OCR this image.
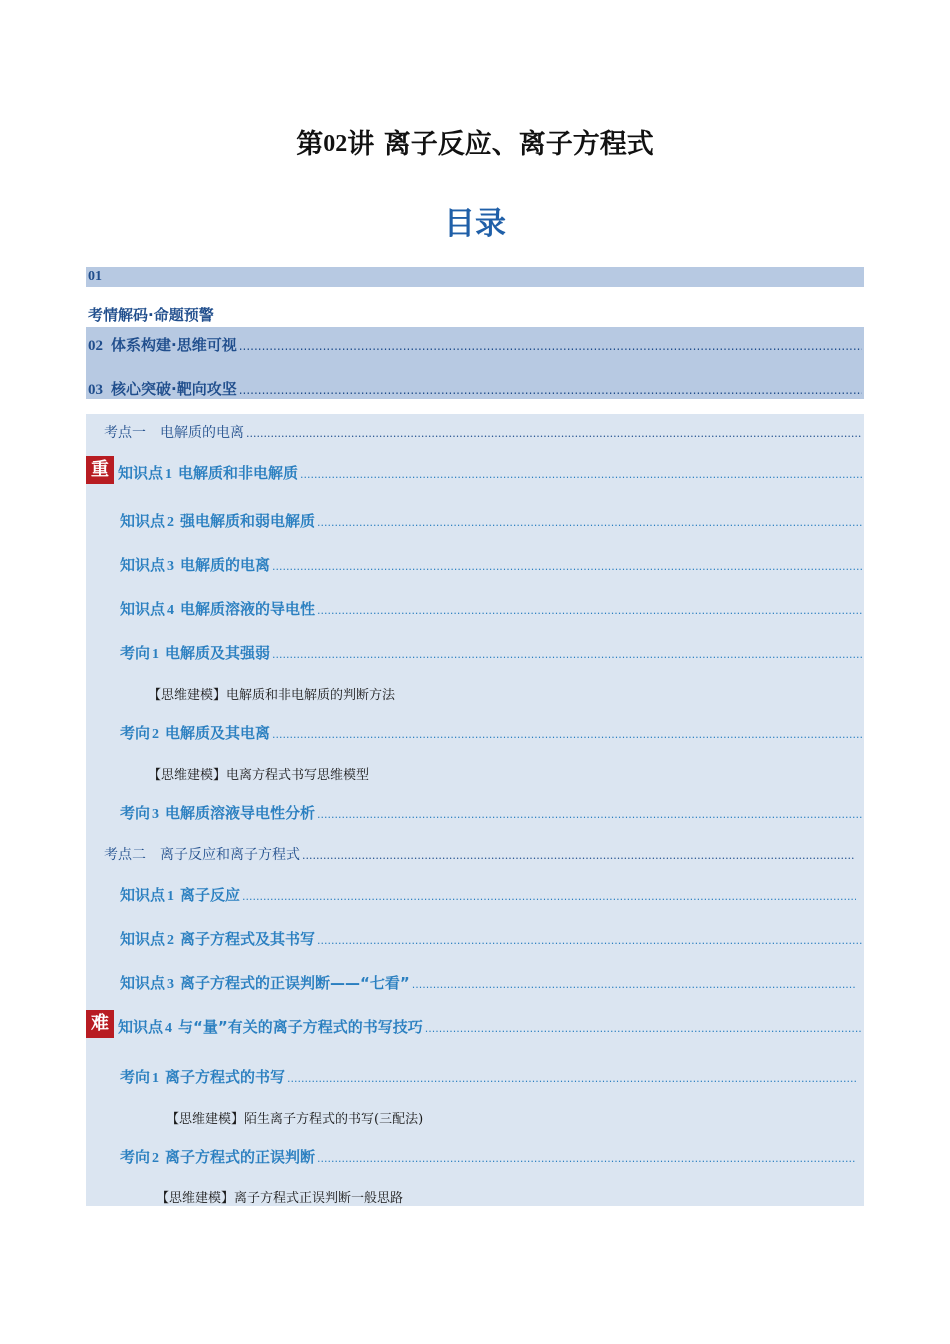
第02讲 离子反应、离子方程式
目录
01
考情解码·命题预警
02 体系构建·思维可视
.....
03 核心突破·靶向攻坚
.....
考点一　电解质的电离
.....
重 知识点 1 电解质和非电解质
.....
知识点 2 强电解质和弱电解质
.....
知识点 3 电解质的电离
.....
知识点 4 电解质溶液的导电性
.....
考向 1 电解质及其强弱
.....
【思维建模】电解质和非电解质的判断方法
考向 2 电解质及其电离
.....
【思维建模】电离方程式书写思维模型
考向 3 电解质溶液导电性分析
.....
考点二　离子反应和离子方程式
.....
知识点 1 离子反应
.....
知识点 2 离子方程式及其书写
.....
知识点 3 离子方程式的正误判断——“七看”
.....
难 知识点 4 与“量”有关的离子方程式的书写技巧
.....
考向 1 离子方程式的书写
.....
【思维建模】陌生离子方程式的书写(三配法)
考向 2 离子方程式的正误判断
.....
【思维建模】离子方程式正误判断一般思路
